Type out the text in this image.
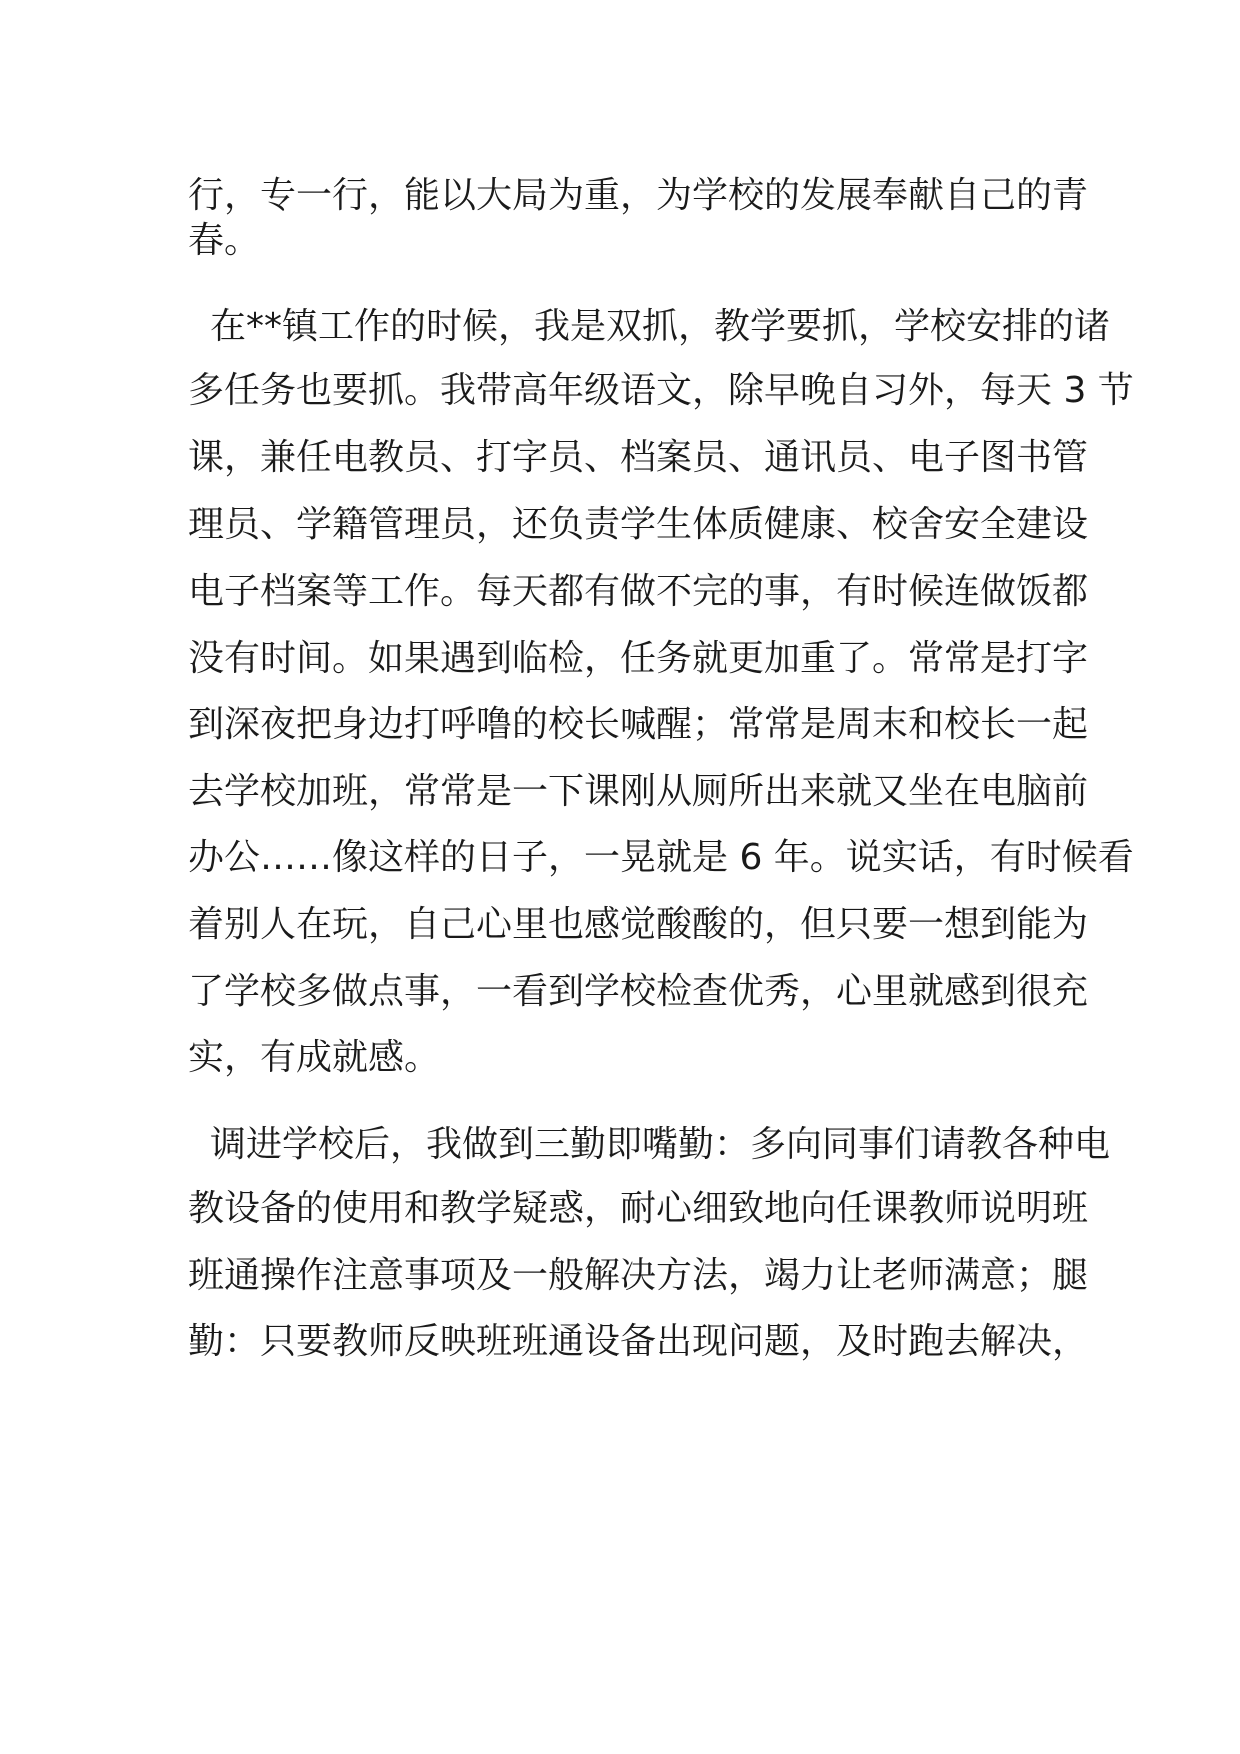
行，专一行，能以大局为重，为学校的发展奉献自己的青
春。
在**镇工作的时候，我是双抓，教学要抓，学校安排的诸
多任务也要抓。我带高年级语文，除早晚自习外，每天 3 节
课，兼任电教员、打字员、档案员、通讯员、电子图书管
理员、学籍管理员，还负责学生体质健康、校舍安全建设
电子档案等工作。每天都有做不完的事，有时候连做饭都
没有时间。如果遇到临检，任务就更加重了。常常是打字
到深夜把身边打呼噜的校长喊醒；常常是周末和校长一起
去学校加班，常常是一下课刚从厕所出来就又坐在电脑前
办公……像这样的日子，一晃就是 6 年。说实话，有时候看
着别人在玩，自己心里也感觉酸酸的，但只要一想到能为
了学校多做点事，一看到学校检查优秀，心里就感到很充
实，有成就感。
调进学校后，我做到三勤即嘴勤：多向同事们请教各种电
教设备的使用和教学疑惑，耐心细致地向任课教师说明班
班通操作注意事项及一般解决方法，竭力让老师满意；腿
勤：只要教师反映班班通设备出现问题，及时跑去解决，
